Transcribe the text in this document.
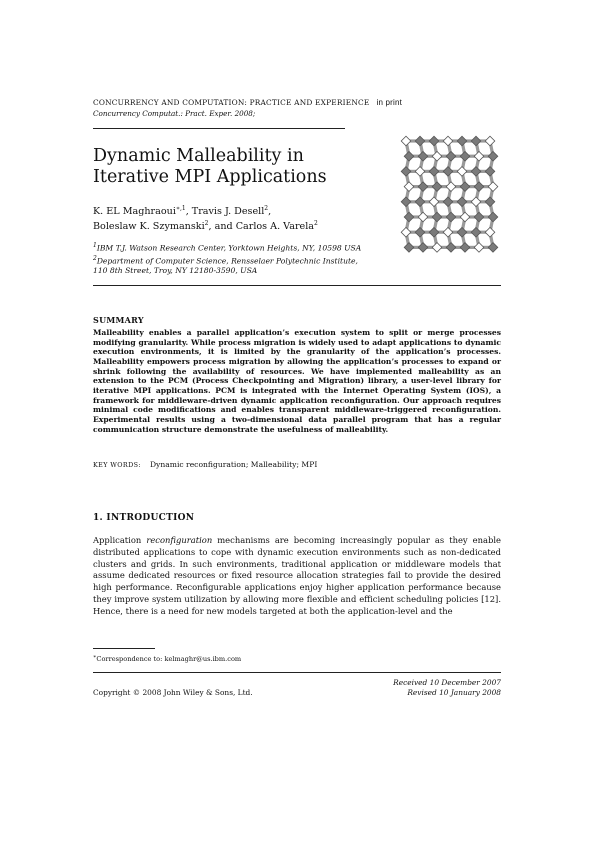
CONCURRENCY AND COMPUTATION: PRACTICE AND EXPERIENCE in print
Concurrency Computat.: Pract. Exper. 2008;
Dynamic Malleability in
Iterative MPI Applications
K. EL Maghraoui$^{∗,1}$, Travis J. Desell$^2$,
Boleslaw K. Szymanski$^2$, and Carlos A. Varela$^2$
$^1$IBM T.J. Watson Research Center, Yorktown Heights, NY, 10598 USA
$^2$Department of Computer Science, Rensselaer Polytechnic Institute,
110 8th Street, Troy, NY 12180-3590, USA
SUMMARY
Malleability enables a parallel application’s execution system to split or merge processes modifying granularity. While process migration is widely used to adapt applications to dynamic execution environments, it is limited by the granularity of the application’s processes. Malleability empowers process migration by allowing the application’s processes to expand or shrink following the availability of resources. We have implemented malleability as an extension to the PCM (Process Checkpointing and Migration) library, a user-level library for iterative MPI applications. PCM is integrated with the Internet Operating System (IOS), a framework for middleware-driven dynamic application reconfiguration. Our approach requires minimal code modifications and enables transparent middleware-triggered reconfiguration. Experimental results using a two-dimensional data parallel program that has a regular communication structure demonstrate the usefulness of malleability.
KEY WORDS: Dynamic reconfiguration; Malleability; MPI
1. INTRODUCTION
Application reconfiguration mechanisms are becoming increasingly popular as they enable distributed applications to cope with dynamic execution environments such as non-dedicated clusters and grids. In such environments, traditional application or middleware models that assume dedicated resources or fixed resource allocation strategies fail to provide the desired high performance. Reconfigurable applications enjoy higher application performance because they improve system utilization by allowing more flexible and efficient scheduling policies [12]. Hence, there is a need for new models targeted at both the application-level and the
∗Correspondence to: kelmaghr@us.ibm.com
Received 10 December 2007
Revised 10 January 2008
Copyright © 2008 John Wiley & Sons, Ltd.
